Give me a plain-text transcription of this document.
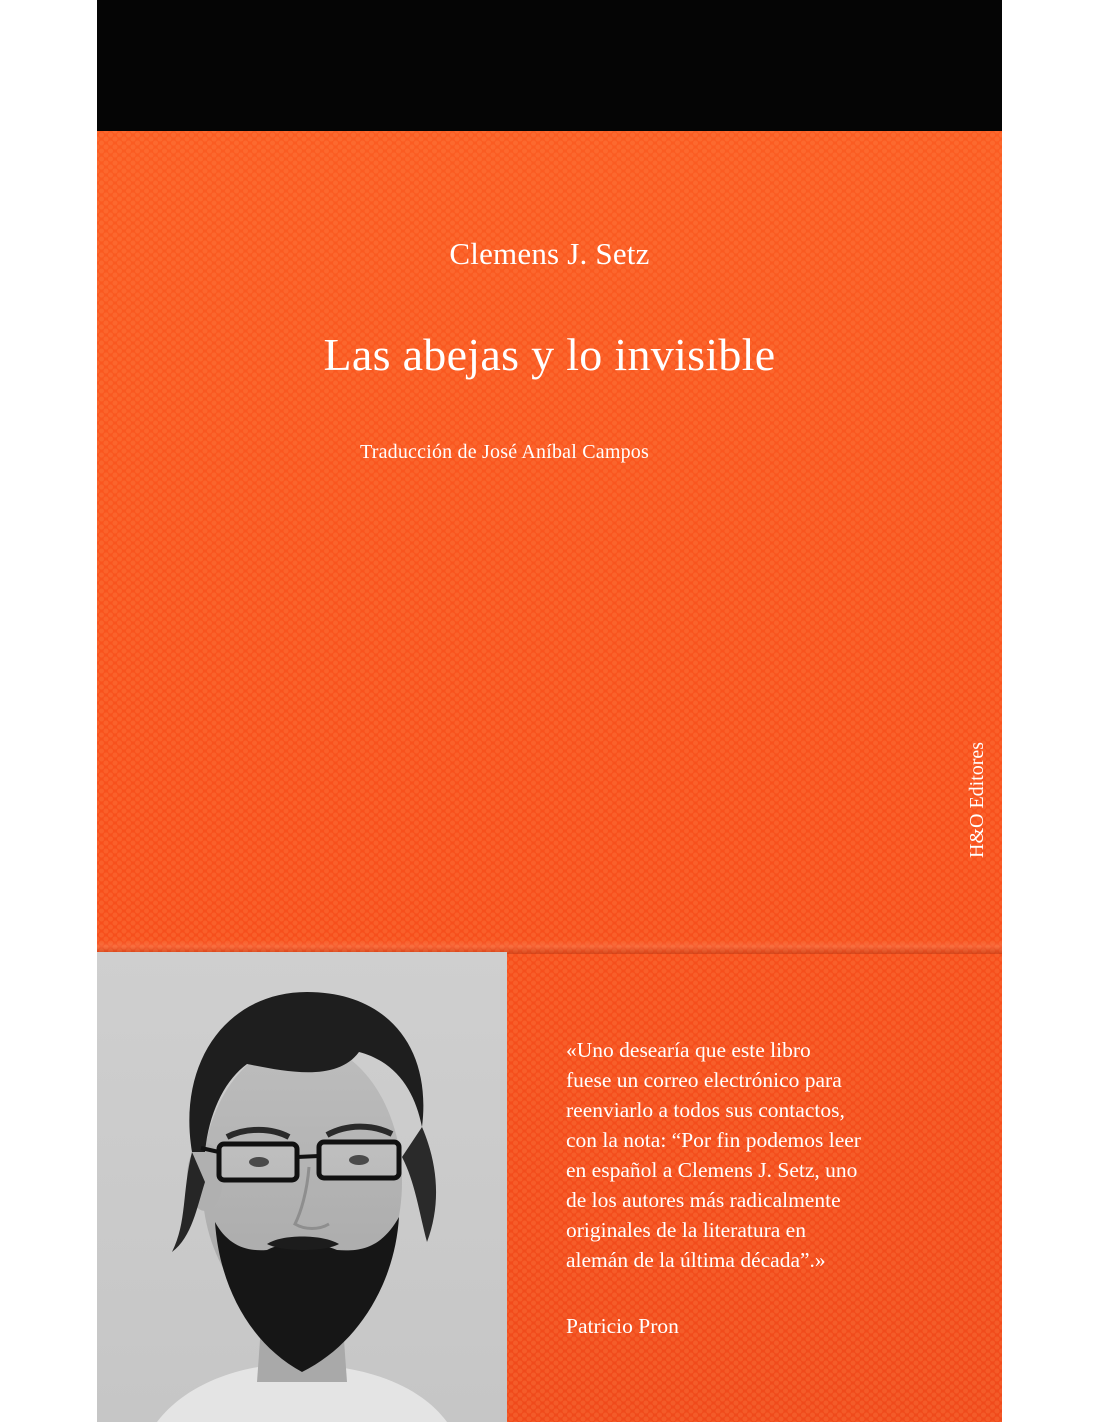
Clemens J. Setz
Las abejas y lo invisible
Traducción de José Aníbal Campos
H&O Editores
«Uno desearía que este libro
fuese un correo electrónico para
reenviarlo a todos sus contactos,
con la nota: “Por fin podemos leer
en español a Clemens J. Setz, uno
de los autores más radicalmente
originales de la literatura en
alemán de la última década”.»
Patricio Pron
